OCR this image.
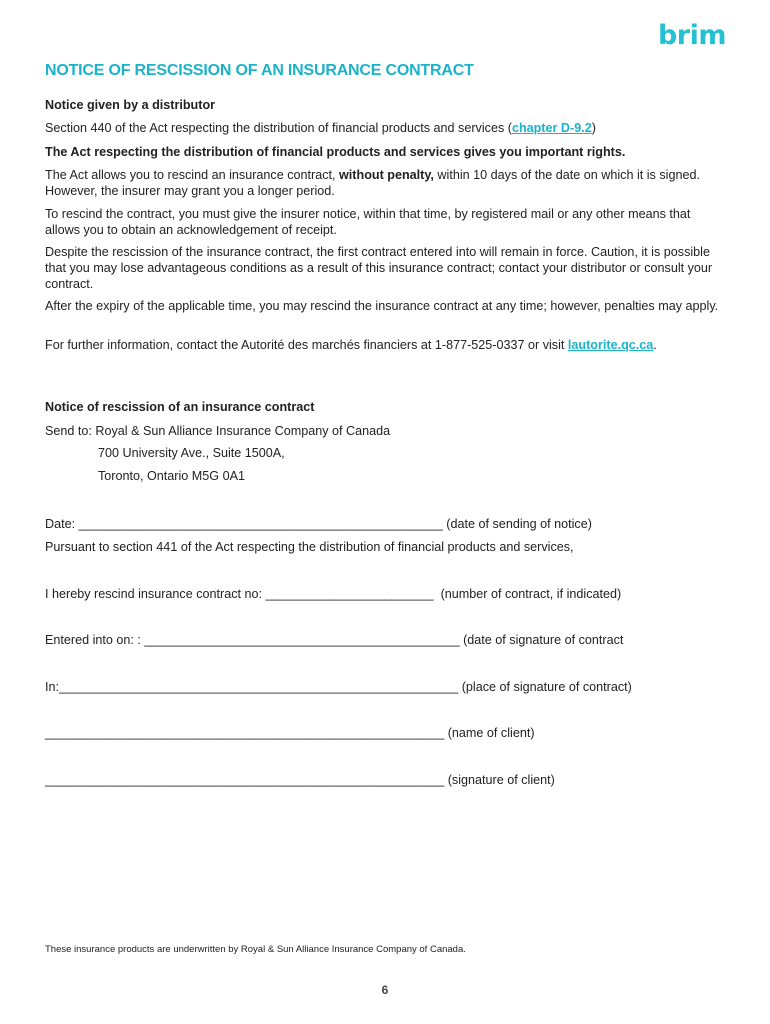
brim
NOTICE OF RESCISSION OF AN INSURANCE CONTRACT
Notice given by a distributor
Section 440 of the Act respecting the distribution of financial products and services (chapter D-9.2)
The Act respecting the distribution of financial products and services gives you important rights.
The Act allows you to rescind an insurance contract, without penalty, within 10 days of the date on which it is signed. However, the insurer may grant you a longer period.
To rescind the contract, you must give the insurer notice, within that time, by registered mail or any other means that allows you to obtain an acknowledgement of receipt.
Despite the rescission of the insurance contract, the first contract entered into will remain in force. Caution, it is possible that you may lose advantageous conditions as a result of this insurance contract; contact your distributor or consult your contract.
After the expiry of the applicable time, you may rescind the insurance contract at any time; however, penalties may apply.
For further information, contact the Autorité des marchés financiers at 1-877-525-0337 or visit lautorite.qc.ca.
Notice of rescission of an insurance contract
Send to: Royal & Sun Alliance Insurance Company of Canada
700 University Ave., Suite 1500A,
Toronto, Ontario M5G 0A1
Date: ____________________________________________________ (date of sending of notice)
Pursuant to section 441 of the Act respecting the distribution of financial products and services,
I hereby rescind insurance contract no: ________________________  (number of contract, if indicated)
Entered into on: : _____________________________________________ (date of signature of contract
In:_________________________________________________________ (place of signature of contract)
_________________________________________________________ (name of client)
_________________________________________________________ (signature of client)
These insurance products are underwritten by Royal & Sun Alliance Insurance Company of Canada.
6
